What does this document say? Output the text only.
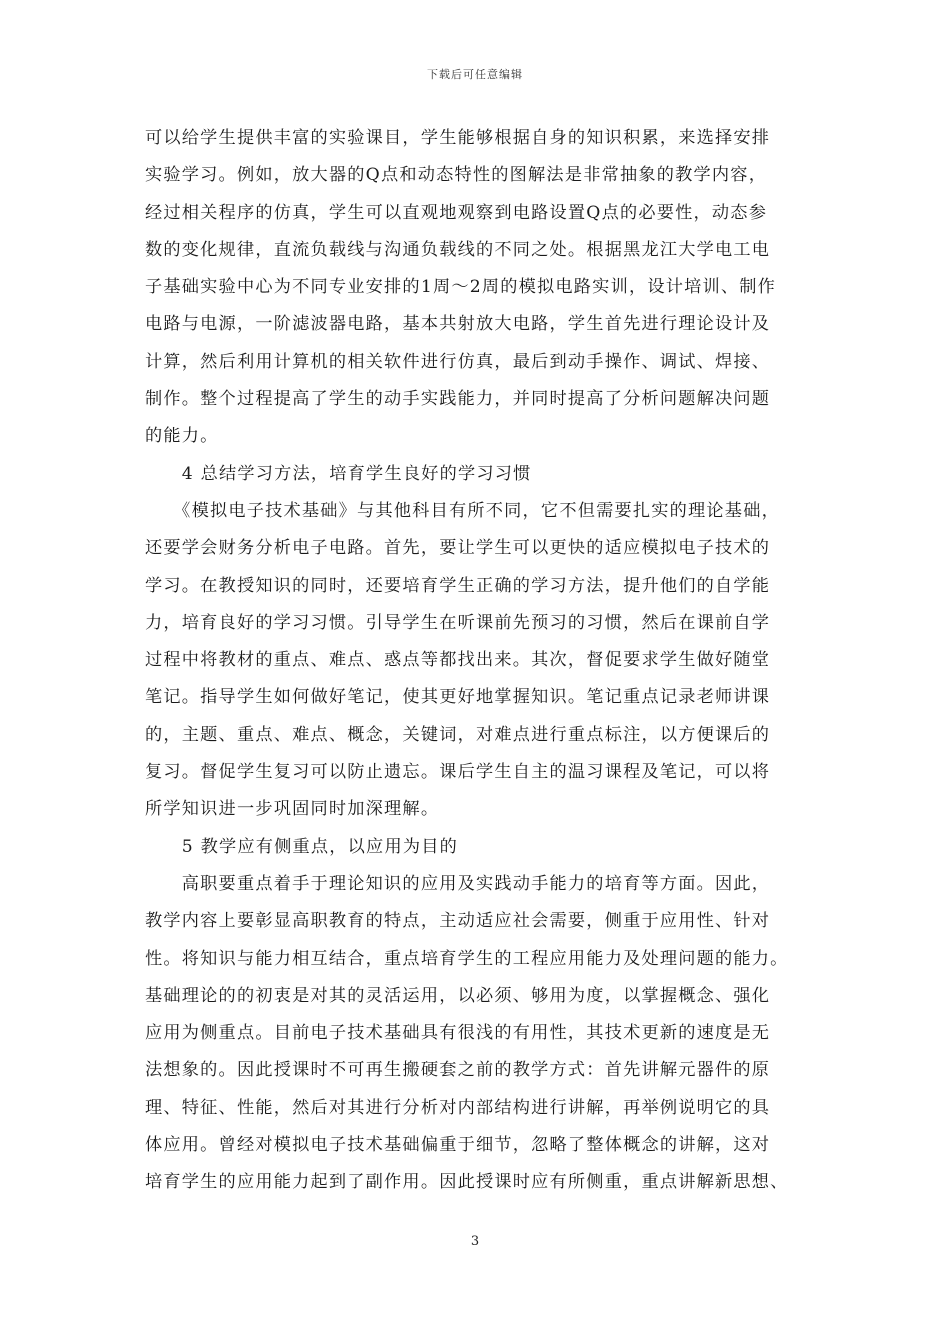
下载后可任意编辑
可以给学生提供丰富的实验课目，学生能够根据自身的知识积累，来选择安排
实验学习。例如，放大器的Q点和动态特性的图解法是非常抽象的教学内容，
经过相关程序的仿真，学生可以直观地观察到电路设置Q点的必要性，动态参
数的变化规律，直流负载线与沟通负载线的不同之处。根据黑龙江大学电工电
子基础实验中心为不同专业安排的1周～2周的模拟电路实训，设计培训、制作
电路与电源，一阶滤波器电路，基本共射放大电路，学生首先进行理论设计及
计算，然后利用计算机的相关软件进行仿真，最后到动手操作、调试、焊接、
制作。整个过程提高了学生的动手实践能力，并同时提高了分析问题解决问题
的能力。
　　4 总结学习方法，培育学生良好的学习习惯
　　《模拟电子技术基础》与其他科目有所不同，它不但需要扎实的理论基础，
还要学会财务分析电子电路。首先，要让学生可以更快的适应模拟电子技术的
学习。在教授知识的同时，还要培育学生正确的学习方法，提升他们的自学能
力，培育良好的学习习惯。引导学生在听课前先预习的习惯，然后在课前自学
过程中将教材的重点、难点、惑点等都找出来。其次，督促要求学生做好随堂
笔记。指导学生如何做好笔记，使其更好地掌握知识。笔记重点记录老师讲课
的，主题、重点、难点、概念，关键词，对难点进行重点标注，以方便课后的
复习。督促学生复习可以防止遗忘。课后学生自主的温习课程及笔记，可以将
所学知识进一步巩固同时加深理解。
　　5 教学应有侧重点，以应用为目的
　　高职要重点着手于理论知识的应用及实践动手能力的培育等方面。因此，
教学内容上要彰显高职教育的特点，主动适应社会需要，侧重于应用性、针对
性。将知识与能力相互结合，重点培育学生的工程应用能力及处理问题的能力。
基础理论的的初衷是对其的灵活运用，以必须、够用为度，以掌握概念、强化
应用为侧重点。目前电子技术基础具有很浅的有用性，其技术更新的速度是无
法想象的。因此授课时不可再生搬硬套之前的教学方式：首先讲解元器件的原
理、特征、性能，然后对其进行分析对内部结构进行讲解，再举例说明它的具
体应用。曾经对模拟电子技术基础偏重于细节，忽略了整体概念的讲解，这对
培育学生的应用能力起到了副作用。因此授课时应有所侧重，重点讲解新思想、
3
